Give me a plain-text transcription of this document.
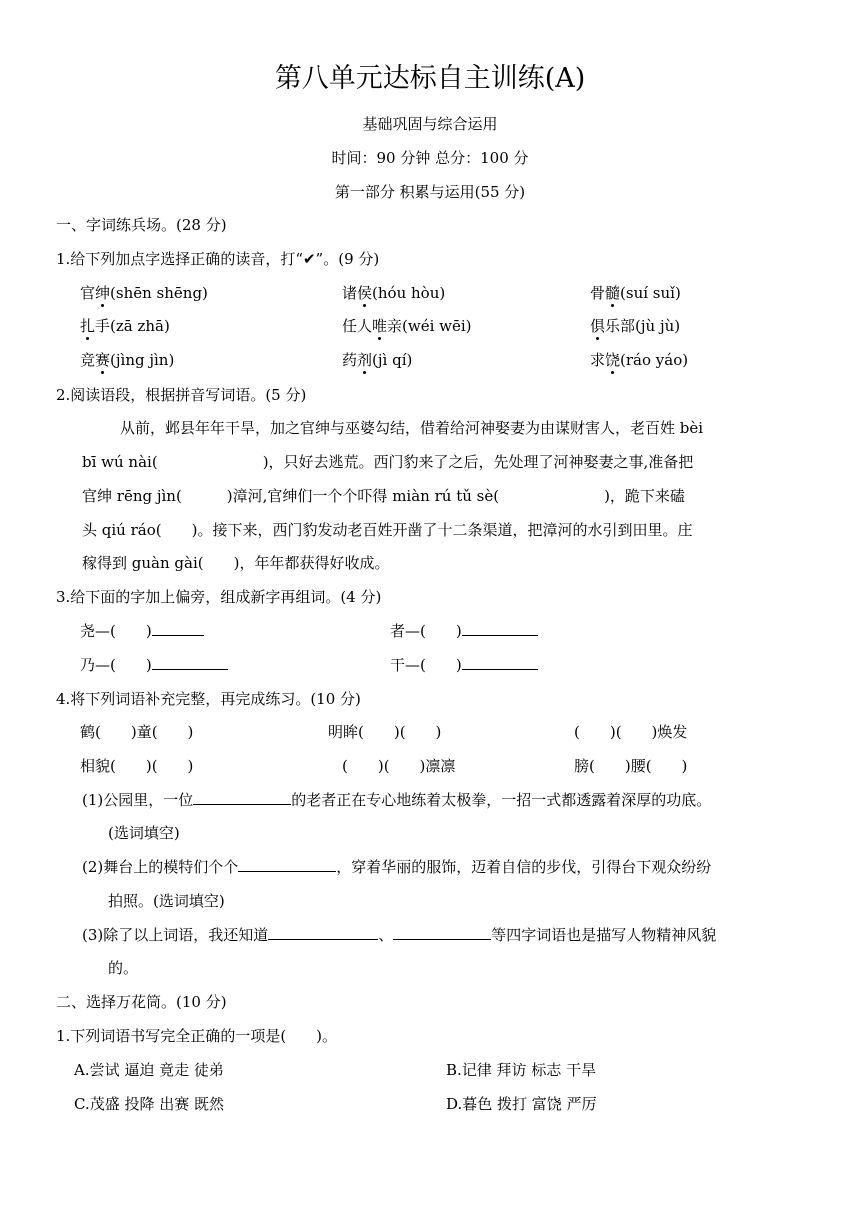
第八单元达标自主训练(A)
基础巩固与综合运用
时间：90 分钟 总分：100 分
第一部分 积累与运用(55 分)
一、字词练兵场。(28 分)
1.给下列加点字选择正确的读音，打“✔”。(9 分)
官绅(shēn shēng)	诸侯(hóu hòu)	骨髓(suí suǐ)
扎手(zā zhā)	任人唯亲(wéi wēi)	俱乐部(jù jù)
竞赛(jìng jìn)	药剂(jì qí)	求饶(ráo yáo)
2.阅读语段，根据拼音写词语。(5 分)
从前，邺县年年干旱，加之官绅与巫婆勾结，借着给河神娶妻为由谋财害人，老百姓 bèi
bī wú nài(　　　　　　　)，只好去逃荒。西门豹来了之后，先处理了河神娶妻之事,准备把
官绅 rēng jìn(　　　)漳河,官绅们一个个吓得 miàn rú tǔ sè(　　　　　　　)，跪下来磕
头 qiú ráo(　　)。接下来，西门豹发动老百姓开凿了十二条渠道，把漳河的水引到田里。庄
稼得到 guàn gài(　　)，年年都获得好收成。
3.给下面的字加上偏旁，组成新字再组词。(4 分)
尧—(　　)	者—(　　)
乃—(　　)	干—(　　)
4.将下列词语补充完整，再完成练习。(10 分)
鹤(　　)童(　　)	明眸(　　)(　　)	(　　)(　　)焕发
相貌(　　)(　　)	(　　)(　　)凛凛	膀(　　)腰(　　)
(1)公园里，一位	的老者正在专心地练着太极拳，一招一式都透露着深厚的功底。
(选词填空)
(2)舞台上的模特们个个	，穿着华丽的服饰，迈着自信的步伐，引得台下观众纷纷
拍照。(选词填空)
(3)除了以上词语，我还知道	、	等四字词语也是描写人物精神风貌
的。
二、选择万花筒。(10 分)
1.下列词语书写完全正确的一项是(　　)。
A.尝试 逼迫 竟走 徒弟	B.记律 拜访 标志 干旱
C.茂盛 投降 出赛 既然	D.暮色 拨打 富饶 严厉
